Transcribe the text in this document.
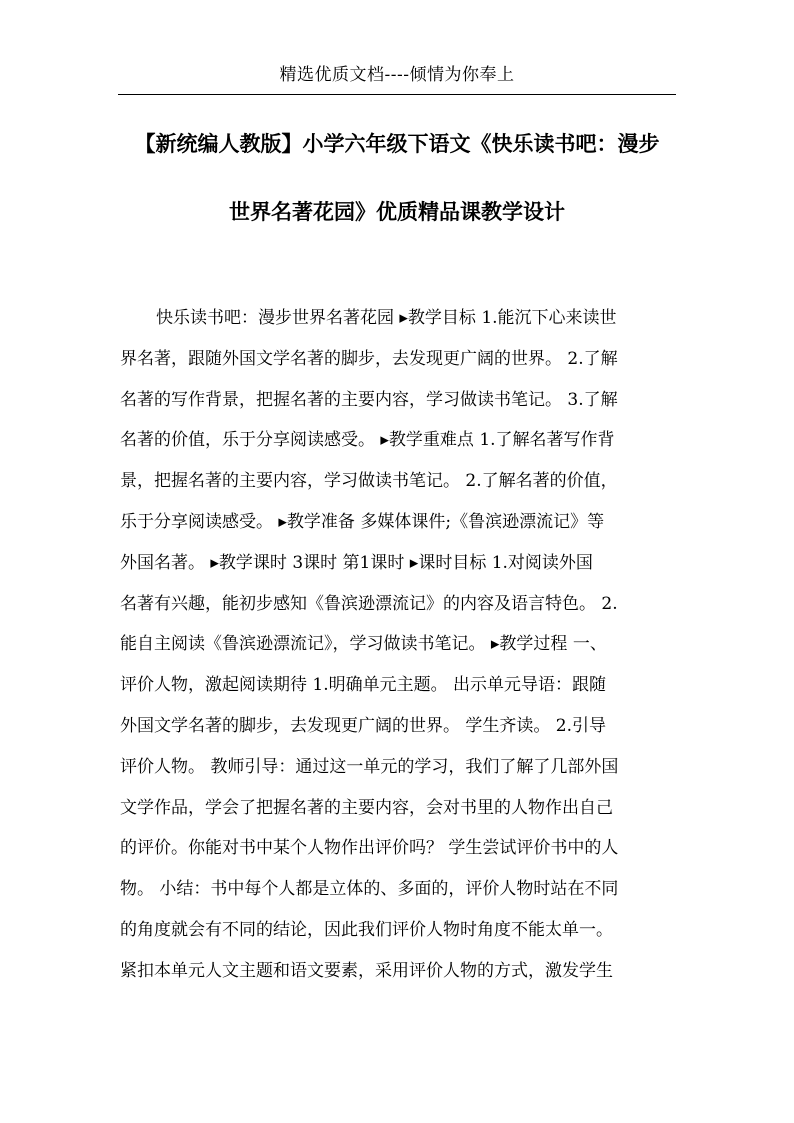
精选优质文档----倾情为你奉上
【新统编人教版】小学六年级下语文《快乐读书吧：漫步
世界名著花园》优质精品课教学设计
快乐读书吧：漫步世界名著花园 ▸教学目标 1.能沉下心来读世
界名著，跟随外国文学名著的脚步，去发现更广阔的世界。 2.了解
名著的写作背景，把握名著的主要内容，学习做读书笔记。 3.了解
名著的价值，乐于分享阅读感受。 ▸教学重难点 1.了解名著写作背
景，把握名著的主要内容，学习做读书笔记。 2.了解名著的价值，
乐于分享阅读感受。 ▸教学准备 多媒体课件;《鲁滨逊漂流记》等
外国名著。 ▸教学课时 3课时 第1课时 ▸课时目标 1.对阅读外国
名著有兴趣，能初步感知《鲁滨逊漂流记》的内容及语言特色。 2.
能自主阅读《鲁滨逊漂流记》，学习做读书笔记。 ▸教学过程 一、
评价人物，激起阅读期待 1.明确单元主题。 出示单元导语：跟随
外国文学名著的脚步，去发现更广阔的世界。 学生齐读。 2.引导
评价人物。 教师引导：通过这一单元的学习，我们了解了几部外国
文学作品，学会了把握名著的主要内容，会对书里的人物作出自己
的评价。你能对书中某个人物作出评价吗？ 学生尝试评价书中的人
物。 小结：书中每个人都是立体的、多面的，评价人物时站在不同
的角度就会有不同的结论，因此我们评价人物时角度不能太单一。
紧扣本单元人文主题和语文要素，采用评价人物的方式，激发学生
